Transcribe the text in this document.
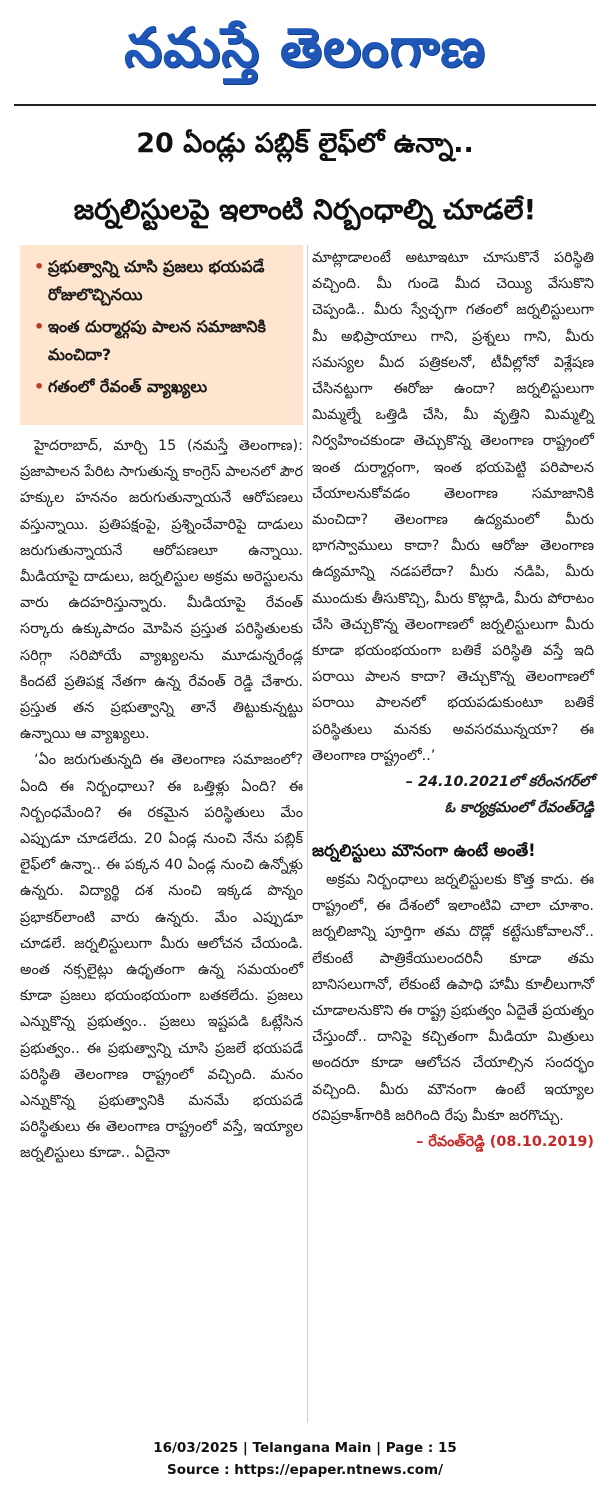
నమస్తే తెలంగాణ
20 ఏండ్లు పబ్లిక్ లైఫ్‌లో ఉన్నా..
జర్నలిస్టులపై ఇలాంటి నిర్బంధాల్ని చూడలే!
• ప్రభుత్వాన్ని చూసి ప్రజలు భయపడే రోజులొచ్చినయి
• ఇంత దుర్మార్గపు పాలన సమాజానికి మంచిదా?
• గతంలో రేవంత్ వ్యాఖ్యలు

హైదరాబాద్, మార్చి 15 (నమస్తే తెలంగాణ): ప్రజాపాలన పేరిట సాగుతున్న కాంగ్రెస్ పాలనలో పౌర హక్కుల హననం జరుగుతున్నాయనే ఆరోపణలు వస్తున్నాయి. ప్రతిపక్షంపై, ప్రశ్నించేవారిపై దాడులు జరుగుతున్నాయనే ఆరోపణలూ ఉన్నాయి. మీడియాపై దాడులు, జర్నలిస్టుల అక్రమ అరెస్టులను వారు ఉదహరిస్తున్నారు. మీడియాపై రేవంత్ సర్కారు ఉక్కుపాదం మోపిన ప్రస్తుత పరిస్థితులకు సరిగ్గా సరిపోయే వ్యాఖ్యలను మూడున్నరేండ్ల కిందటే ప్రతిపక్ష నేతగా ఉన్న రేవంత్ రెడ్డి చేశారు. ప్రస్తుత తన ప్రభుత్వాన్ని తానే తిట్టుకున్నట్టు ఉన్నాయి ఆ వ్యాఖ్యలు.

‘ఏం జరుగుతున్నది ఈ తెలంగాణ సమాజంలో? ఏంది ఈ నిర్బంధాలు? ఈ ఒత్తిళ్లు ఏంది? ఈ నిర్బంధమేంది? ఈ రకమైన పరిస్థితులు మేం ఎప్పుడూ చూడలేదు. 20 ఏండ్ల నుంచి నేను పబ్లిక్ లైఫ్‌లో ఉన్నా.. ఈ పక్కన 40 ఏండ్ల నుంచి ఉన్నోళ్లు ఉన్నరు. విద్యార్థి దశ నుంచి ఇక్కడ పొన్నం ప్రభాకర్‌లాంటి వారు ఉన్నరు. మేం ఎప్పుడూ చూడలే. జర్నలిస్టులుగా మీరు ఆలోచన చేయండి. అంత నక్సలైట్లు ఉధృతంగా ఉన్న సమయంలో కూడా ప్రజలు భయంభయంగా బతకలేదు. ప్రజలు ఎన్నుకొన్న ప్రభుత్వం.. ప్రజలు ఇష్టపడి ఓట్లేసిన ప్రభుత్వం.. ఈ ప్రభుత్వాన్ని చూసి ప్రజలే భయపడే పరిస్థితి తెలంగాణ రాష్ట్రంలో వచ్చింది. మనం ఎన్నుకొన్న ప్రభుత్వానికి మనమే భయపడే పరిస్థితులు ఈ తెలంగాణ రాష్ట్రంలో వస్తే, ఇయ్యాల జర్నలిస్టులు కూడా.. ఏదైనా

మాట్లాడాలంటే అటూఇటూ చూసుకొనే పరిస్థితి వచ్చింది. మీ గుండె మీద చెయ్యి వేసుకొని చెప్పండి.. మీరు స్వేచ్ఛగా గతంలో జర్నలిస్టులుగా మీ అభిప్రాయాలు గాని, ప్రశ్నలు గాని, మీరు సమస్యల మీద పత్రికలనో, టీవీల్లోనో విశ్లేషణ చేసినట్టుగా ఈరోజు ఉందా? జర్నలిస్టులుగా మిమ్మల్నే ఒత్తిడి చేసి, మీ వృత్తిని మిమ్మల్ని నిర్వహించకుండా తెచ్చుకొన్న తెలంగాణ రాష్ట్రంలో ఇంత దుర్మార్గంగా, ఇంత భయపెట్టి పరిపాలన చేయాలనుకోవడం తెలంగాణ సమాజానికి మంచిదా? తెలంగాణ ఉద్యమంలో మీరు భాగస్వాములు కాదా? మీరు ఆరోజు తెలంగాణ ఉద్యమాన్ని నడపలేదా? మీరు నడిపి, మీరు ముందుకు తీసుకొచ్చి, మీరు కొట్లాడి, మీరు పోరాటం చేసి తెచ్చుకొన్న తెలంగాణలో జర్నలిస్టులుగా మీరు కూడా భయంభయంగా బతికే పరిస్థితి వస్తే ఇది పరాయి పాలన కాదా? తెచ్చుకొన్న తెలంగాణలో పరాయి పాలనలో భయపడుకుంటూ బతికే పరిస్థితులు మనకు అవసరమున్నయా? ఈ తెలంగాణ రాష్ట్రంలో..’

– 24.10.2021లో కరీంనగర్‌లో
ఓ కార్యక్రమంలో రేవంత్‌రెడ్డి
జర్నలిస్టులు మౌనంగా ఉంటే అంతే!

అక్రమ నిర్బంధాలు జర్నలిస్టులకు కొత్త కాదు. ఈ రాష్ట్రంలో, ఈ దేశంలో ఇలాంటివి చాలా చూశాం. జర్నలిజాన్ని పూర్తిగా తమ దొడ్లో కట్టేసుకోవాలనో.. లేకుంటే పాత్రికేయులందరినీ కూడా తమ బానిసలుగానో, లేకుంటే ఉపాధి హామీ కూలీలుగానో చూడాలనుకొని ఈ రాష్ట్ర ప్రభుత్వం ఏదైతే ప్రయత్నం చేస్తుందో.. దానిపై కచ్చితంగా మీడియా మిత్రులు అందరూ కూడా ఆలోచన చేయాల్సిన సందర్భం వచ్చింది. మీరు మౌనంగా ఉంటే ఇయ్యాల రవిప్రకాశ్‌గారికి జరిగింది రేపు మీకూ జరగొచ్చు.

– రేవంత్‌రెడ్డి (08.10.2019)
16/03/2025 | Telangana Main | Page : 15
Source : https://epaper.ntnews.com/
